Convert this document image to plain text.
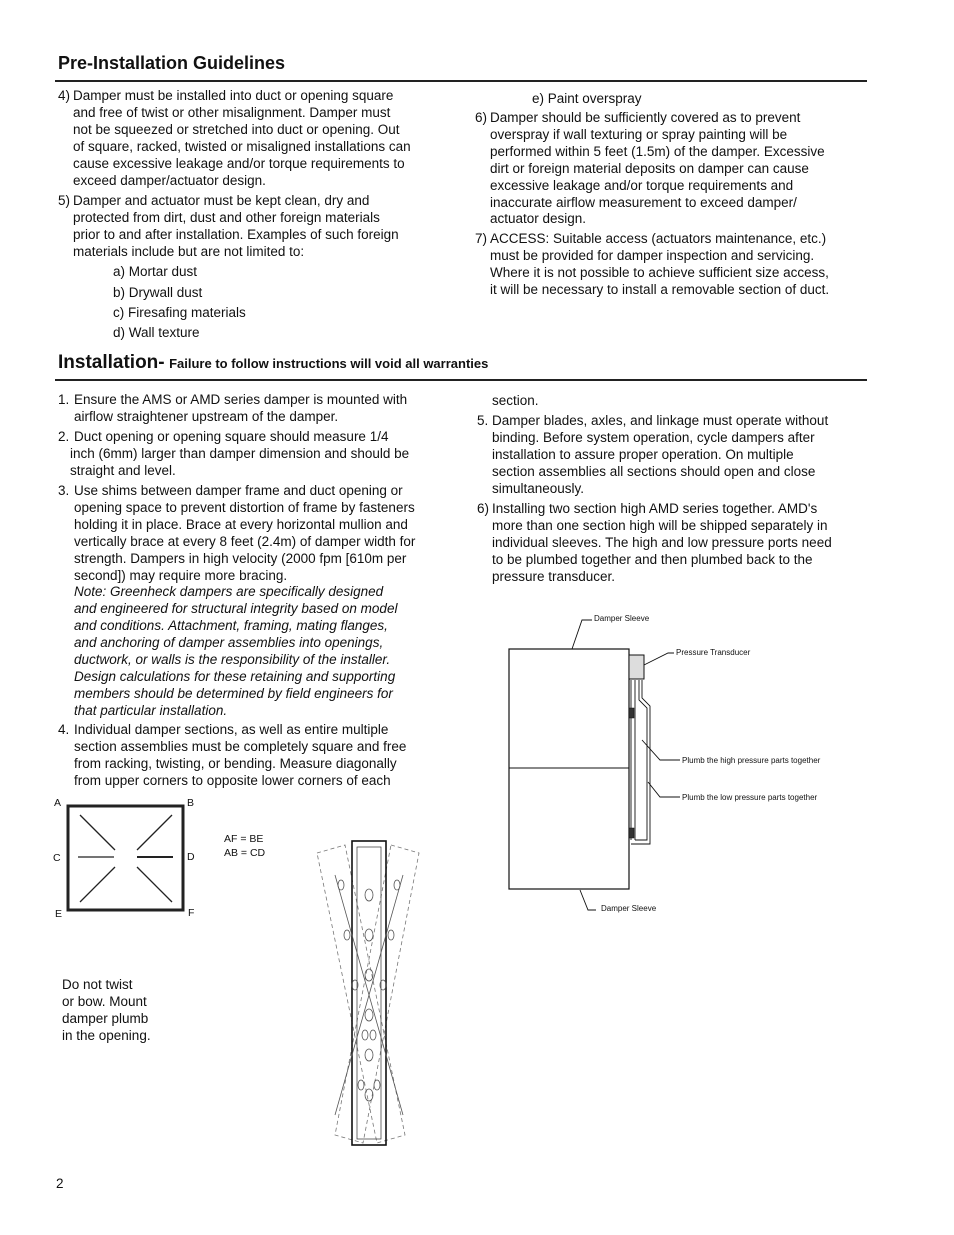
Pre-Installation Guidelines
4) Damper must be installed into duct or opening square
and free of twist or other misalignment. Damper must
not be squeezed or stretched into duct or opening. Out
of square, racked, twisted or misaligned installations can
cause excessive leakage and/or torque requirements to
exceed damper/actuator design.
5) Damper and actuator must be kept clean, dry and
protected from dirt, dust and other foreign materials
prior to and after installation. Examples of such foreign
materials include but are not limited to:
a) Mortar dust
b) Drywall dust
c) Firesafing materials
d) Wall texture
e) Paint overspray
6) Damper should be sufficiently covered as to prevent
overspray if wall texturing or spray painting will be
performed within 5 feet (1.5m) of the damper. Excessive
dirt or foreign material deposits on damper can cause
excessive leakage and/or torque requirements and
inaccurate airflow measurement to exceed damper/
actuator design.
7) ACCESS: Suitable access (actuators maintenance, etc.)
must be provided for damper inspection and servicing.
Where it is not possible to achieve sufficient size access,
it will be necessary to install a removable section of duct.
Installation- Failure to follow instructions will void all warranties
1. Ensure the AMS or AMD series damper is mounted with
airflow straightener upstream of the damper.
2. Duct opening or opening square should measure 1/4
inch (6mm) larger than damper dimension and should be
straight and level.
3. Use shims between damper frame and duct opening or
opening space to prevent distortion of frame by fasteners
holding it in place. Brace at every horizontal mullion and
vertically brace at every 8 feet (2.4m) of damper width for
strength. Dampers in high velocity (2000 fpm [610m per
second]) may require more bracing.
Note: Greenheck dampers are specifically designed
and engineered for structural integrity based on model
and conditions. Attachment, framing, mating flanges,
and anchoring of damper assemblies into openings,
ductwork, or walls is the responsibility of the installer.
Design calculations for these retaining and supporting
members should be determined by field engineers for
that particular installation.
4. Individual damper sections, as well as entire multiple
section assemblies must be completely square and free
from racking, twisting, or bending. Measure diagonally
from upper corners to opposite lower corners of each
section.
5. Damper blades, axles, and linkage must operate without
binding. Before system operation, cycle dampers after
installation to assure proper operation. On multiple
section assemblies all sections should open and close
simultaneously.
6) Installing two section high AMD series together. AMD's
more than one section high will be shipped separately in
individual sleeves. The high and low pressure ports need
to be plumbed together and then plumbed back to the
pressure transducer.
A	B
C	D
E	F
AF = BE
AB = CD
Do not twist
or bow. Mount
damper plumb
in the opening.
Damper Sleeve
Pressure Transducer
Plumb the high pressure parts together
Plumb the low pressure parts together
Damper Sleeve
2
